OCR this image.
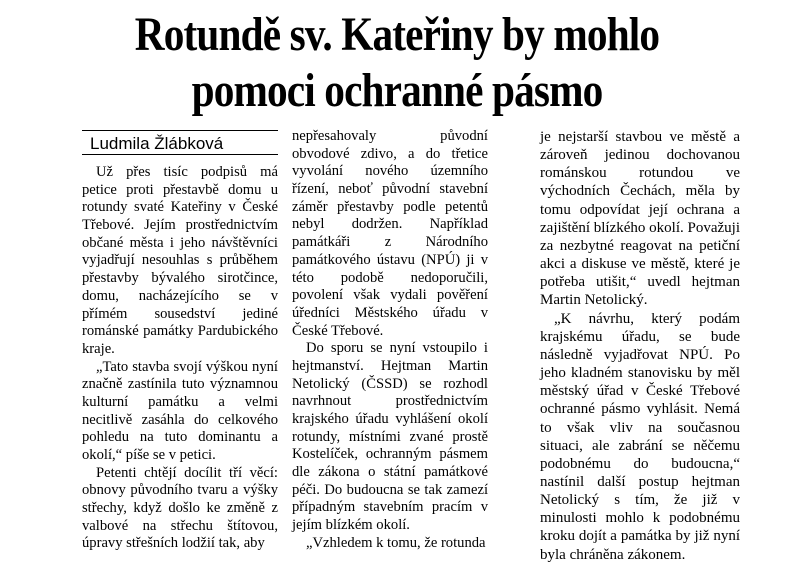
Rotundě sv. Kateřiny by mohlo
pomoci ochranné pásmo
Ludmila Žlábková

Už přes tisíc podpisů má petice proti přestavbě domu u rotundy svaté Kateřiny v České Třebové. Jejím prostřednictvím občané města i jeho návštěvníci vyjadřují nesouhlas s průběhem přestavby bývalého sirotčince, domu, nacházejícího se v přímém sousedství jediné románské památky Pardubického kraje.

„Tato stavba svojí výškou nyní značně zastínila tuto významnou kulturní památku a velmi necitlivě zasáhla do celkového pohledu na tuto dominantu a okolí,“ píše se v petici.

Petenti chtějí docílit tří věcí: obnovy původního tvaru a výšky střechy, když došlo ke změně z valbové na střechu štítovou, úpravy střešních lodžií tak, aby

nepřesahovaly původní obvodové zdivo, a do třetice vyvolání nového územního řízení, neboť původní stavební záměr přestavby podle petentů nebyl dodržen. Například památkáři z Národního památkového ústavu (NPÚ) ji v této podobě nedoporučili, povolení však vydali pověření úředníci Městského úřadu v České Třebové.

Do sporu se nyní vstoupilo i hejtmanství. Hejtman Martin Netolický (ČSSD) se rozhodl navrhnout prostřednictvím krajského úřadu vyhlášení okolí rotundy, místními zvané prostě Kostelíček, ochranným pásmem dle zákona o státní památkové péči. Do budoucna se tak zamezí případným stavebním pracím v jejím blízkém okolí.

„Vzhledem k tomu, že rotunda

je nejstarší stavbou ve městě a zároveň jedinou dochovanou románskou rotundou ve východních Čechách, měla by tomu odpovídat její ochrana a zajištění blízkého okolí. Považuji za nezbytné reagovat na petiční akci a diskuse ve městě, které je potřeba utišit,“ uvedl hejtman Martin Netolický.

„K návrhu, který podám krajskému úřadu, se bude následně vyjadřovat NPÚ. Po jeho kladném stanovisku by měl městský úřad v České Třebové ochranné pásmo vyhlásit. Nemá to však vliv na současnou situaci, ale zabrání se něčemu podobnému do budoucna,“ nastínil další postup hejtman Netolický s tím, že již v minulosti mohlo k podobnému kroku dojít a památka by již nyní byla chráněna zákonem.
